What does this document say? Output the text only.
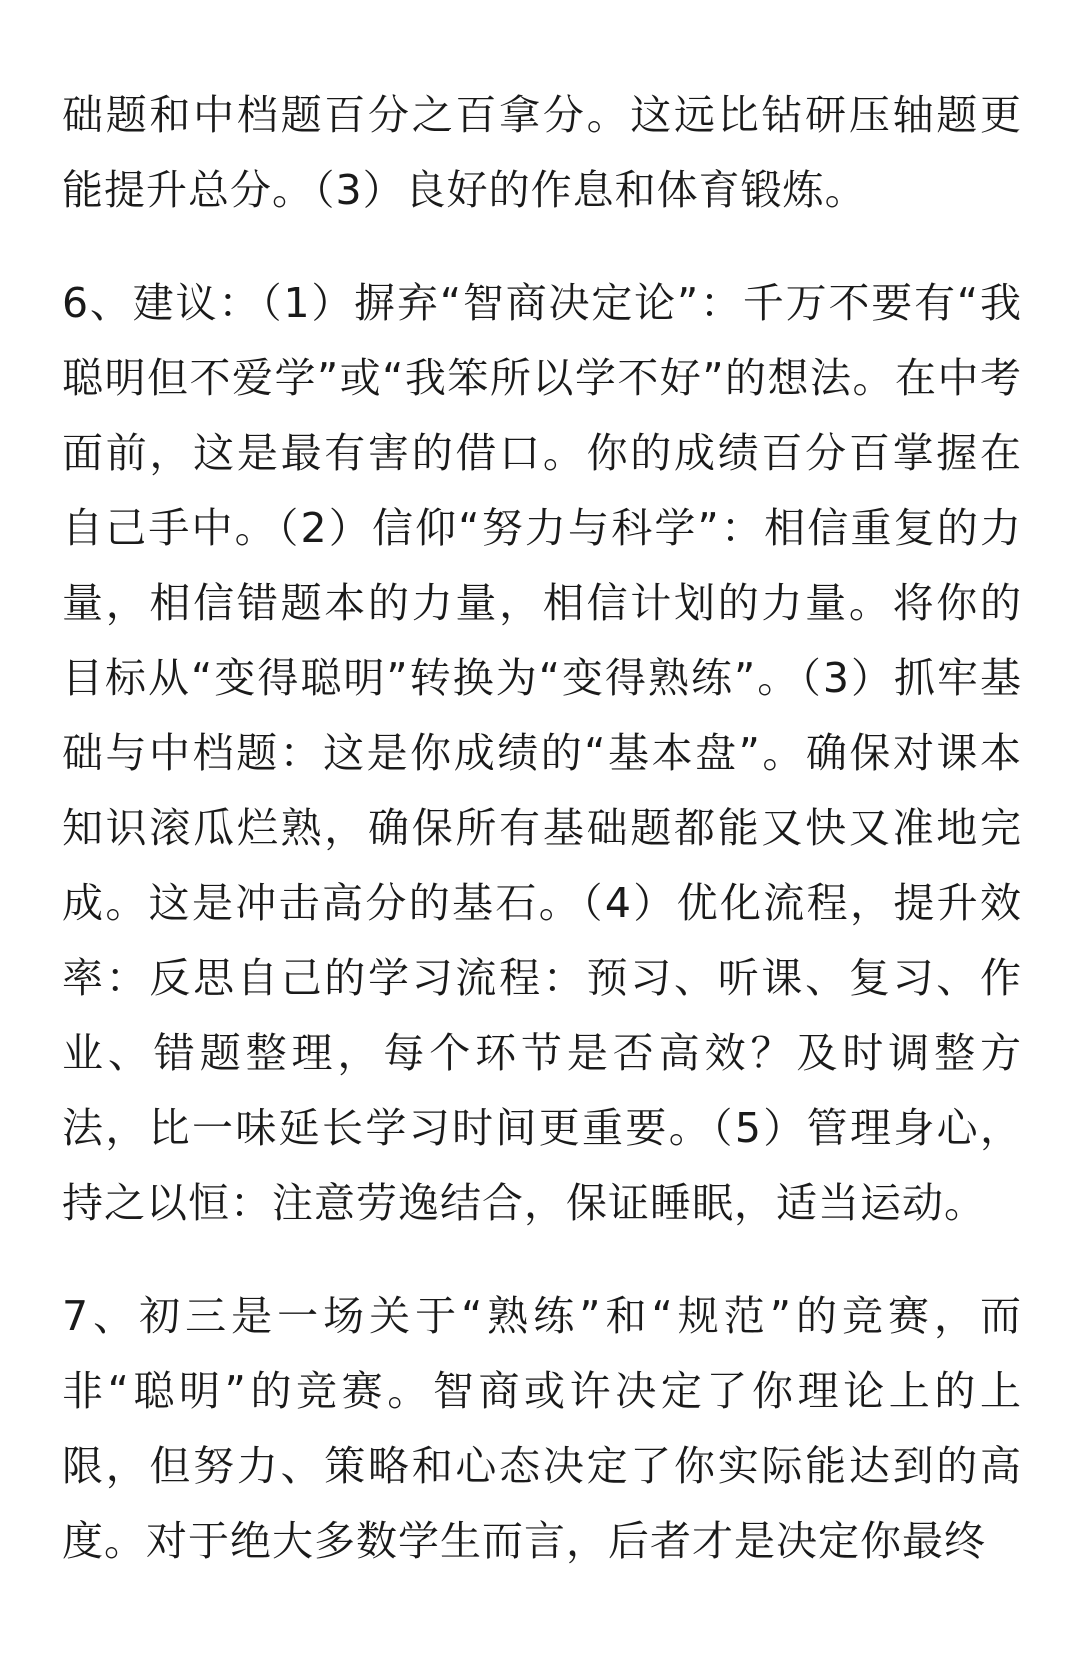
础题和中档题百分之百拿分。这远比钻研压轴题更能提升总分。（3）良好的作息和体育锻炼。

6、建议：（1）摒弃“智商决定论”：千万不要有“我聪明但不爱学”或“我笨所以学不好”的想法。在中考面前，这是最有害的借口。你的成绩百分百掌握在自己手中。（2）信仰“努力与科学”：相信重复的力量，相信错题本的力量，相信计划的力量。将你的目标从“变得聪明”转换为“变得熟练”。（3）抓牢基础与中档题：这是你成绩的“基本盘”。确保对课本知识滚瓜烂熟，确保所有基础题都能又快又准地完成。这是冲击高分的基石。（4）优化流程，提升效率：反思自己的学习流程：预习、听课、复习、作业、错题整理，每个环节是否高效？及时调整方法，比一味延长学习时间更重要。（5）管理身心，持之以恒：注意劳逸结合，保证睡眠，适当运动。

7、初三是一场关于“熟练”和“规范”的竞赛，而非“聪明”的竞赛。智商或许决定了你理论上的上限，但努力、策略和心态决定了你实际能达到的高度。对于绝大多数学生而言，后者才是决定你最终
